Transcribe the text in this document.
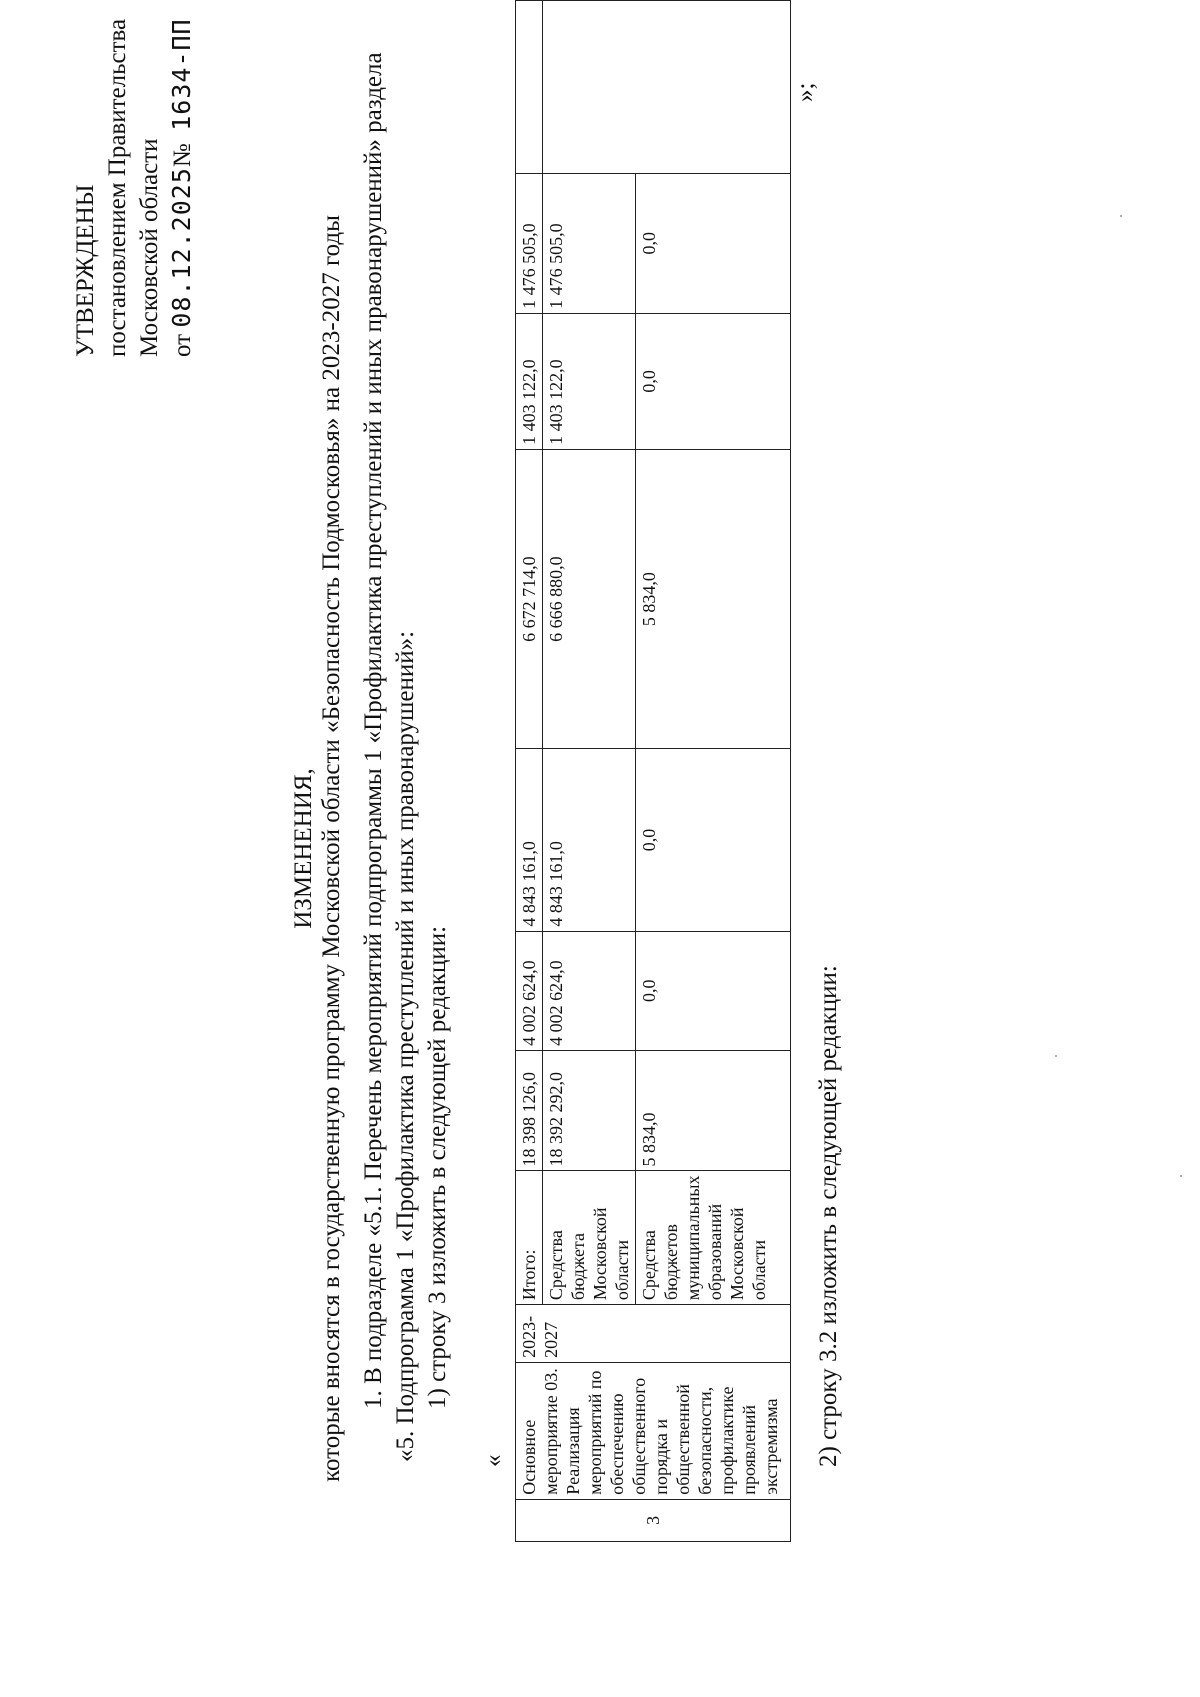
УТВЕРЖДЕНЫ постановлением Правительства Московской области от 08.12.2025№  1634-ПП
ИЗМЕНЕНИЯ, которые вносятся в государственную программу Московской области «Безопасность Подмосковья» на 2023-2027 годы 1. В подразделе «5.1. Перечень мероприятий подпрограммы 1 «Профилактика преступлений и иных правонарушений» раздела «5. Подпрограмма 1 «Профилактика преступлений и иных правонарушений»: 1) строку 3 изложить в следующей редакции:
«
3	Основное мероприятие 03. Реализация мероприятий по обеспечению общественного порядка и общественной безопасности, профилактике проявлений экстремизма	2023-2027	Итого:	18 398 126,0	4 002 624,0	4 843 161,0	6 672 714,0	1 403 122,0	1 476 505,0	
			Средства бюджета Московской области	18 392 292,0	4 002 624,0	4 843 161,0	6 666 880,0	1 403 122,0	1 476 505,0	
			Средства бюджетов муниципальных образований Московской области	5 834,0	0,0	0,0	5 834,0	0,0	0,0	
»;
2) строку 3.2 изложить в следующей редакции:
